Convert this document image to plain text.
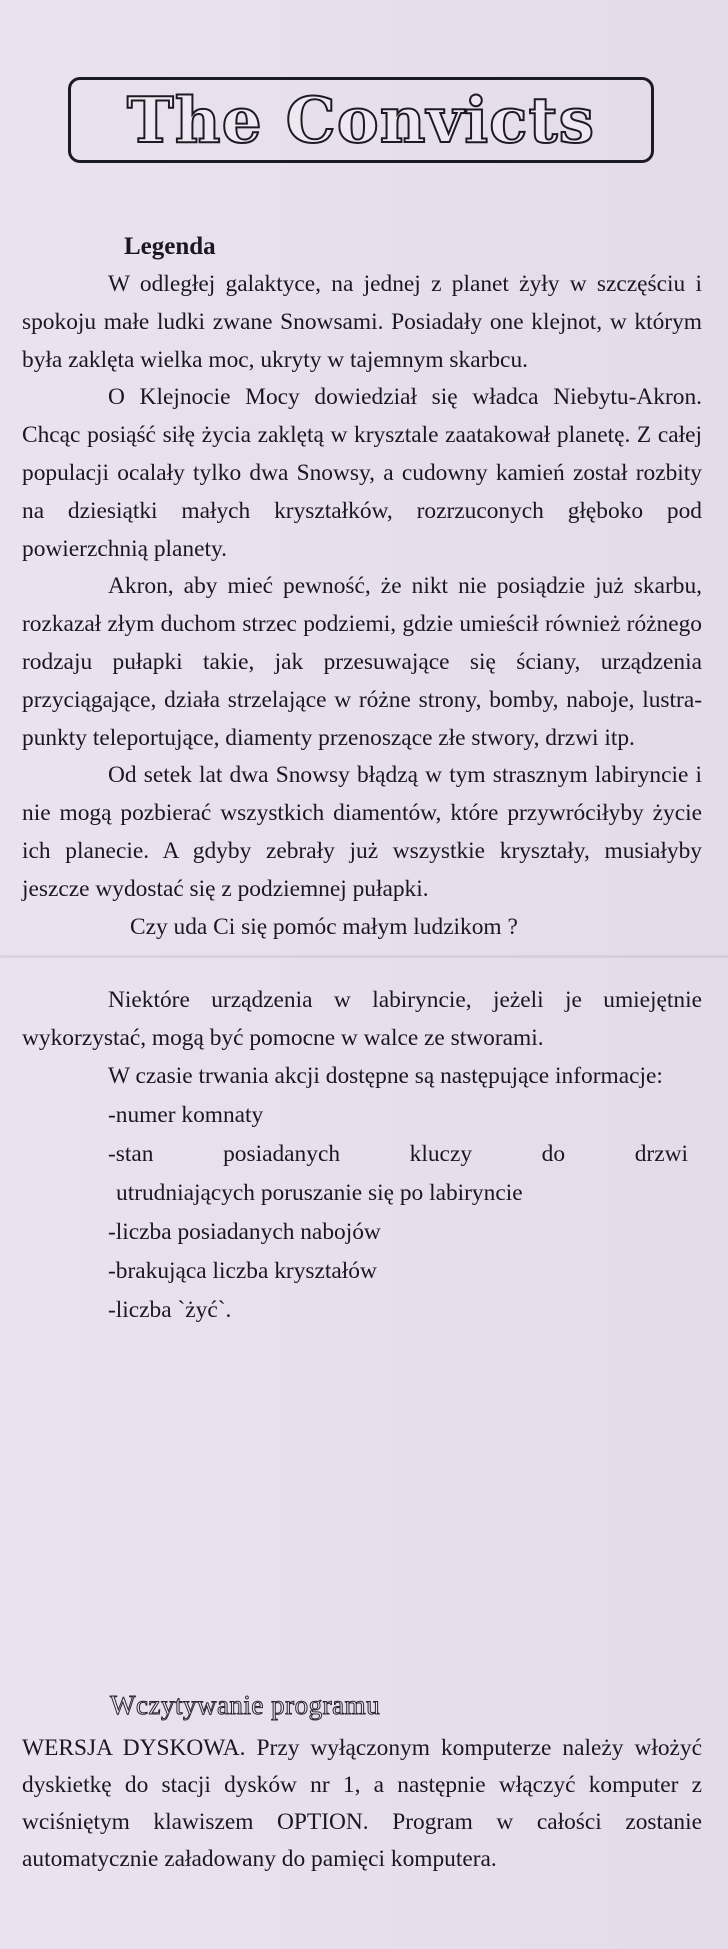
The Convicts
Legenda

W odległej galaktyce, na jednej z planet żyły w szczęściu i spokoju małe ludki zwane Snowsami. Posiadały one klejnot, w którym była zaklęta wielka moc, ukryty w tajemnym skarbcu.

O Klejnocie Mocy dowiedział się władca Niebytu-Akron. Chcąc posiąść siłę życia zaklętą w krysztale zaatakował planetę. Z całej populacji ocalały tylko dwa Snowsy, a cudowny kamień został rozbity na dziesiątki małych kryształków, rozrzuconych głęboko pod powierzchnią planety.

Akron, aby mieć pewność, że nikt nie posiądzie już skarbu, rozkazał złym duchom strzec podziemi, gdzie umieścił również różnego rodzaju pułapki takie, jak przesuwające się ściany, urządzenia przyciągające, działa strzelające w różne strony, bomby, naboje, lustra-punkty teleportujące, diamenty przenoszące złe stwory, drzwi itp.

Od setek lat dwa Snowsy błądzą w tym strasznym labiryncie i nie mogą pozbierać wszystkich diamentów, które przywróciłyby życie ich planecie. A gdyby zebrały już wszystkie kryształy, musiałyby jeszcze wydostać się z podziemnej pułapki.

Czy uda Ci się pomóc małym ludzikom ?

Niektóre urządzenia w labiryncie, jeżeli je umiejętnie wykorzystać, mogą być pomocne w walce ze stworami.

W czasie trwania akcji dostępne są następujące informacje:

-numer komnaty
-stan	posiadanych	kluczy	do	drzwi
utrudniających poruszanie się po labiryncie
-liczba posiadanych nabojów
-brakująca liczba kryształów
-liczba `żyć`.
Wczytywanie programu

WERSJA DYSKOWA. Przy wyłączonym komputerze należy włożyć dyskietkę do stacji dysków nr 1, a następnie włączyć komputer z wciśniętym klawiszem OPTION. Program w całości zostanie automatycznie załadowany do pamięci komputera.
